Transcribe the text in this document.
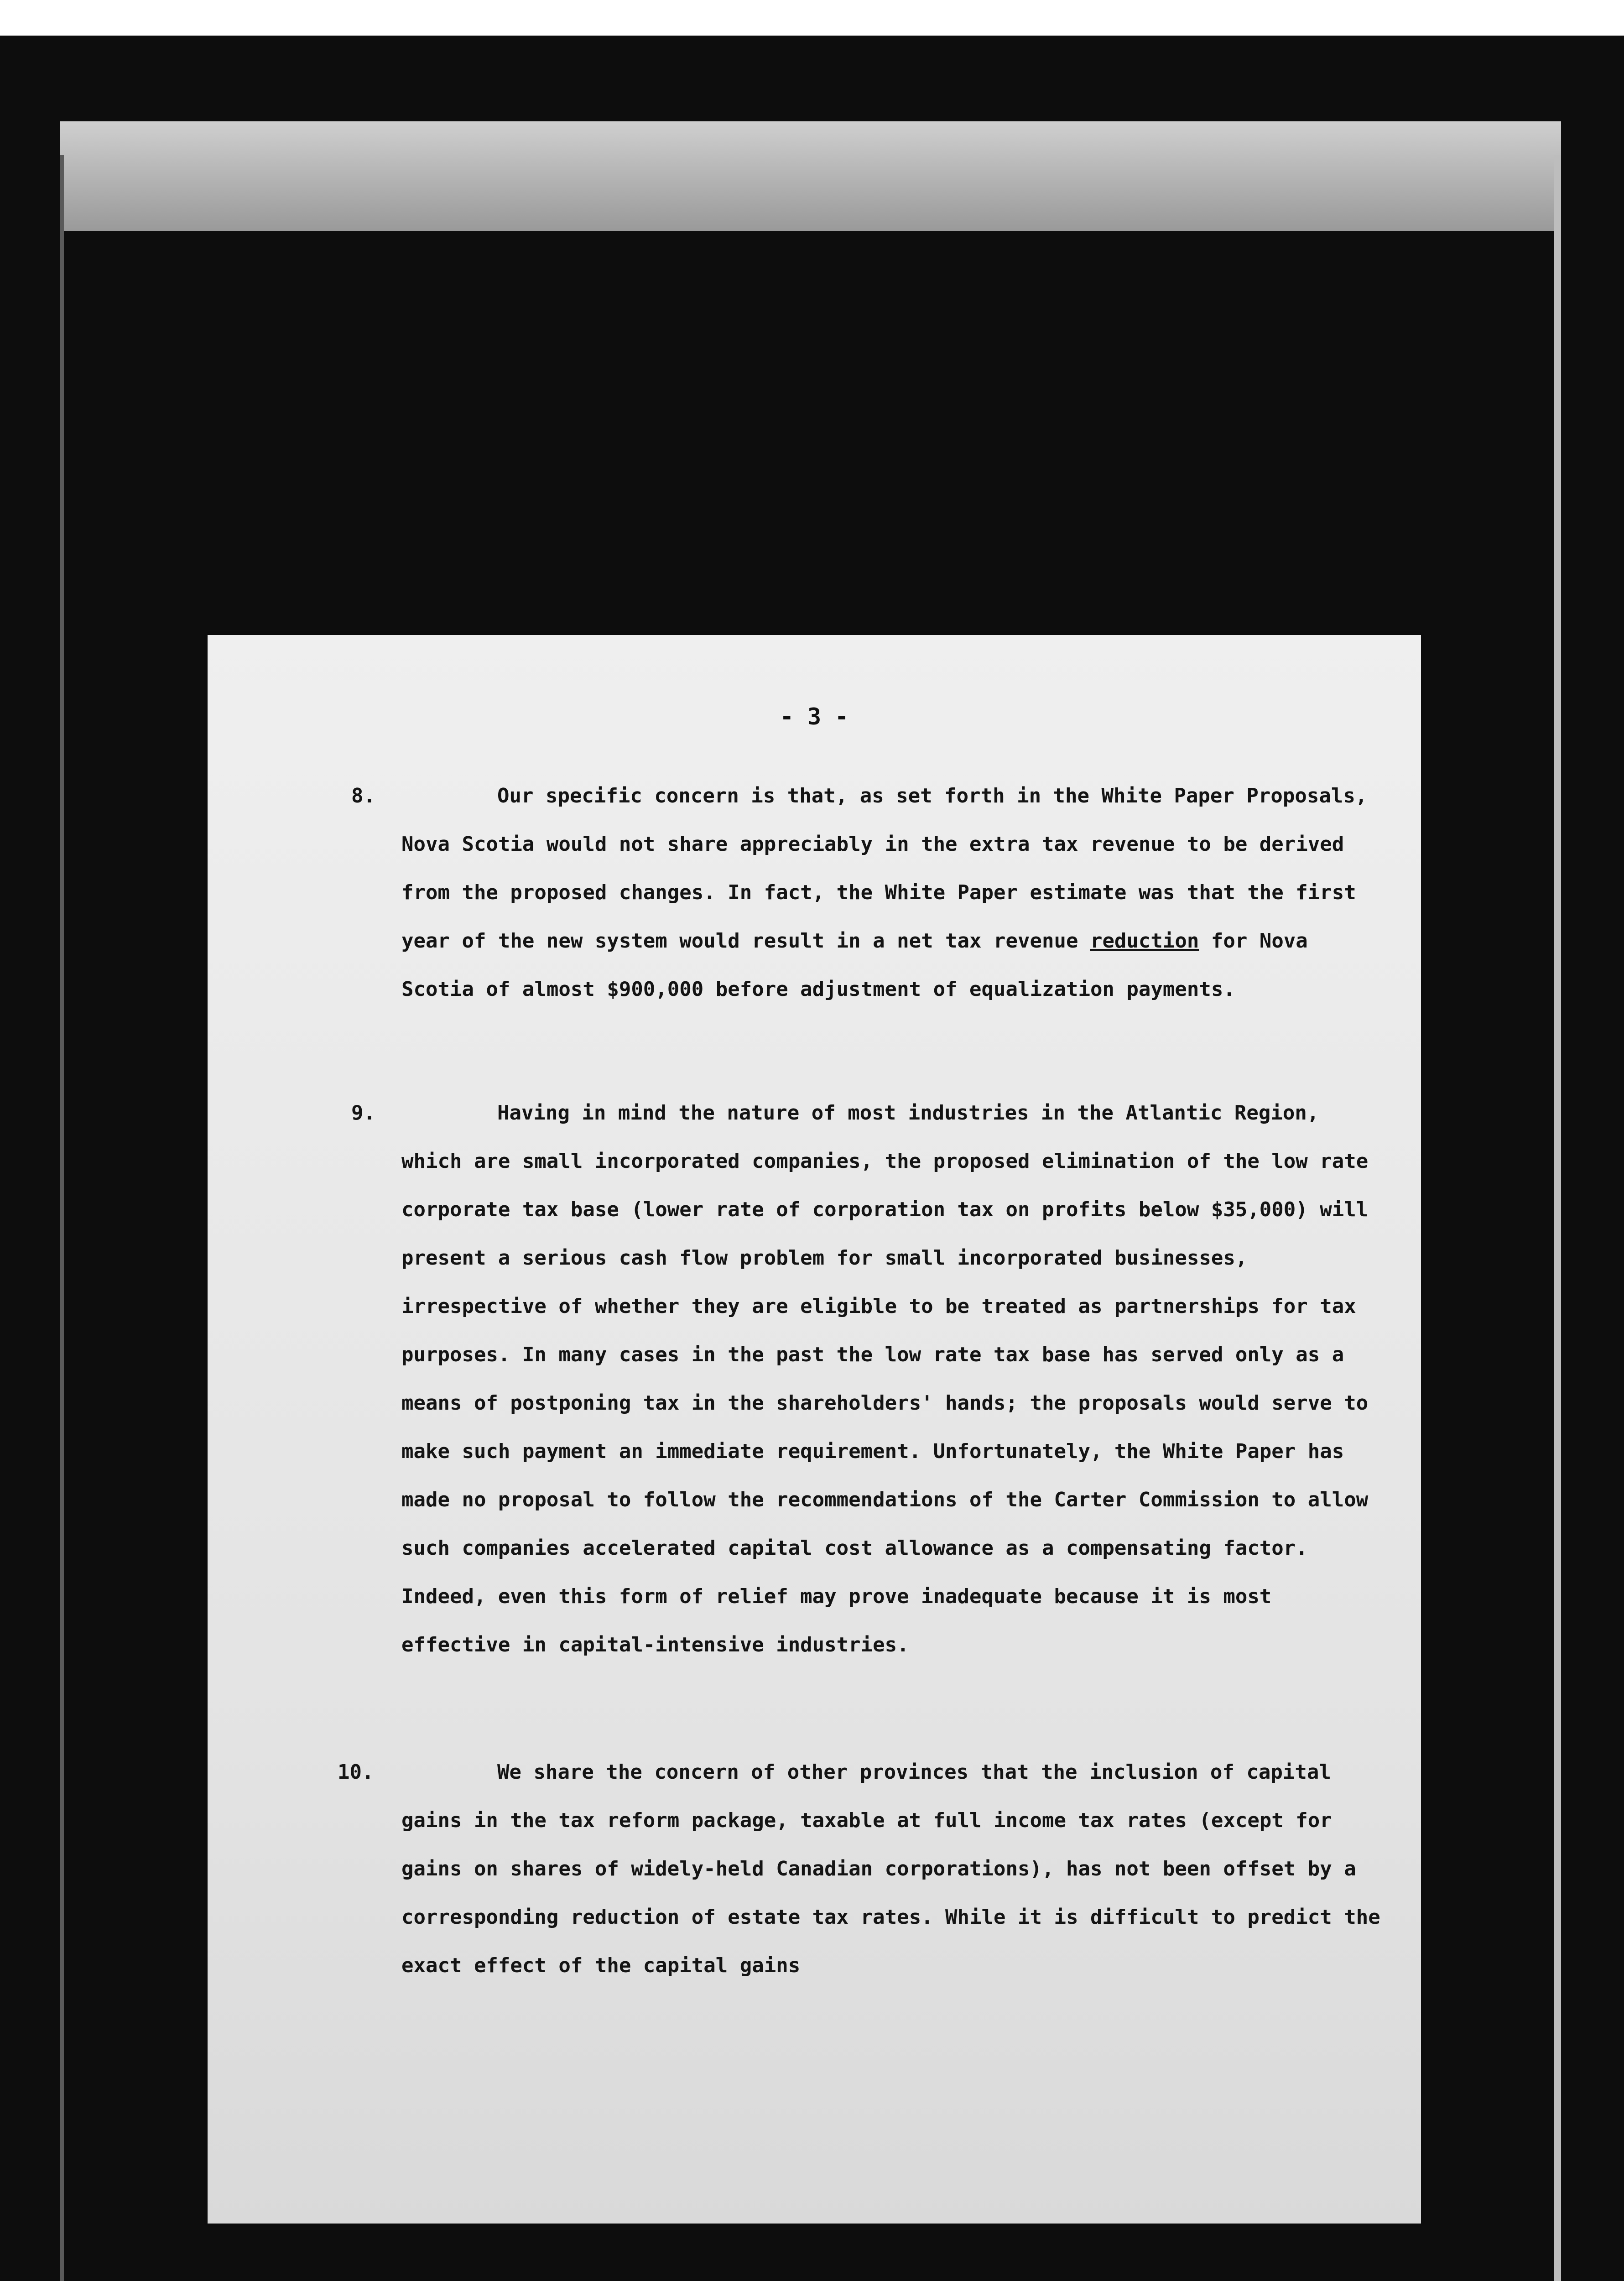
- 3 -
8.	Our specific concern is that, as set forth in the White Paper Proposals, Nova Scotia would not share appreciably in the extra tax revenue to be derived from the proposed changes. In fact, the White Paper estimate was that the first year of the new system would result in a net tax revenue reduction for Nova Scotia of almost $900,000 before adjustment of equalization payments.

9.	Having in mind the nature of most industries in the Atlantic Region, which are small incorporated companies, the proposed elimination of the low rate corporate tax base (lower rate of corporation tax on profits below $35,000) will present a serious cash flow problem for small incorporated businesses, irrespective of whether they are eligible to be treated as partnerships for tax purposes. In many cases in the past the low rate tax base has served only as a means of postponing tax in the shareholders' hands; the proposals would serve to make such payment an immediate requirement. Unfortunately, the White Paper has made no proposal to follow the recommendations of the Carter Commission to allow such companies accelerated capital cost allowance as a compensating factor. Indeed, even this form of relief may prove inadequate because it is most effective in capital-intensive industries.

10.	We share the concern of other provinces that the inclusion of capital gains in the tax reform package, taxable at full income tax rates (except for gains on shares of widely-held Canadian corporations), has not been offset by a corresponding reduction of estate tax rates. While it is difficult to predict the exact effect of the capital gains
